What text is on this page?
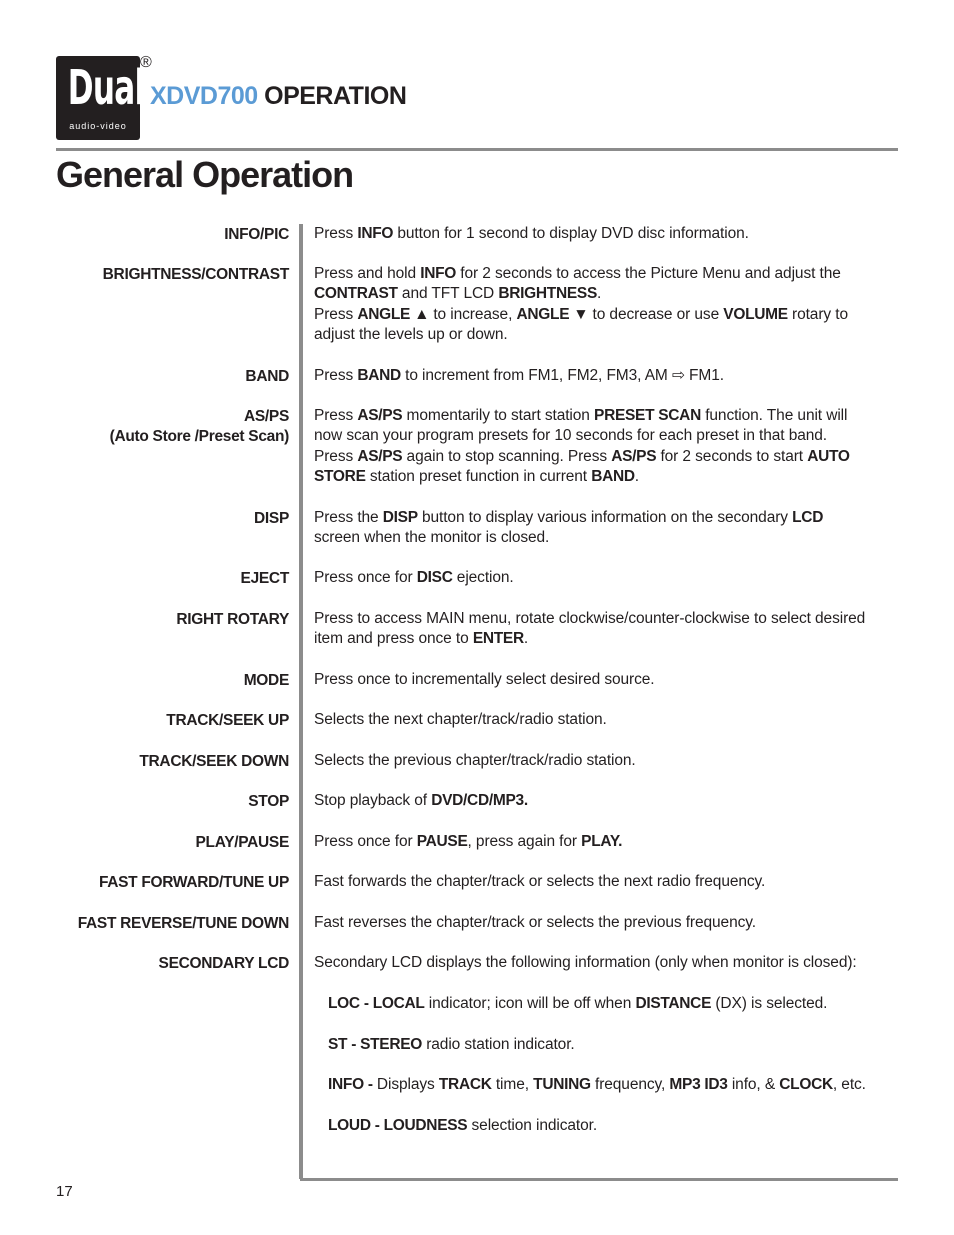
Dual
audio-video
®
XDVD700 OPERATION
General Operation
INFO/PIC Press INFO button for 1 second to display DVD disc information.
BRIGHTNESS/CONTRAST Press and hold INFO for 2 seconds to access the Picture Menu and adjust the
CONTRAST and TFT LCD BRIGHTNESS.
Press ANGLE ▲ to increase, ANGLE ▼ to decrease or use VOLUME rotary to
adjust the levels up or down.
BAND Press BAND to increment from FM1, FM2, FM3, AM ⇨ FM1.
AS/PS
(Auto Store /Preset Scan)
Press AS/PS momentarily to start station PRESET SCAN function. The unit will
now scan your program presets for 10 seconds for each preset in that band.
Press AS/PS again to stop scanning. Press AS/PS for 2 seconds to start AUTO
STORE station preset function in current BAND.
DISP Press the DISP button to display various information on the secondary LCD
screen when the monitor is closed.
EJECT Press once for DISC ejection.
RIGHT ROTARY Press to access MAIN menu, rotate clockwise/counter-clockwise to select desired
item and press once to ENTER.
MODE Press once to incrementally select desired source.
TRACK/SEEK UP Selects the next chapter/track/radio station.
TRACK/SEEK DOWN Selects the previous chapter/track/radio station.
STOP Stop playback of DVD/CD/MP3.
PLAY/PAUSE Press once for PAUSE, press again for PLAY.
FAST FORWARD/TUNE UP Fast forwards the chapter/track or selects the next radio frequency.
FAST REVERSE/TUNE DOWN Fast reverses the chapter/track or selects the previous frequency.
SECONDARY LCD Secondary LCD displays the following information (only when monitor is closed):
LOC - LOCAL indicator; icon will be off when DISTANCE (DX) is selected.
ST - STEREO radio station indicator.
INFO - Displays TRACK time, TUNING frequency, MP3 ID3 info, & CLOCK, etc.
LOUD - LOUDNESS selection indicator.
17
